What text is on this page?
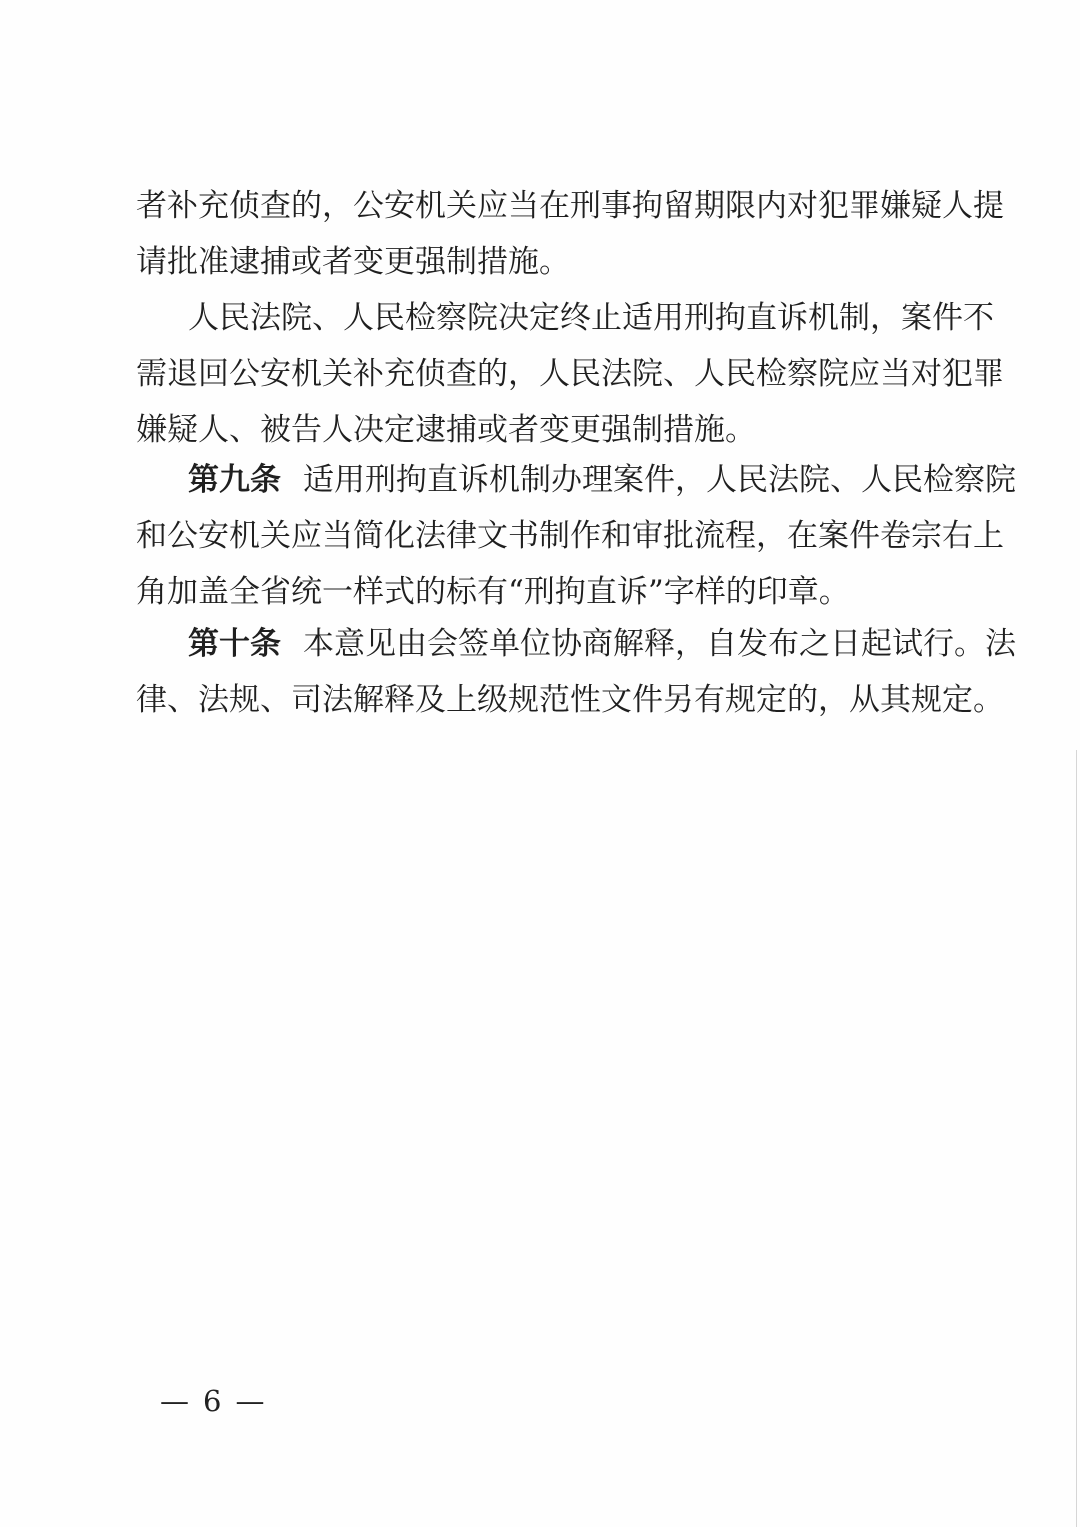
者补充侦查的，公安机关应当在刑事拘留期限内对犯罪嫌疑人提
请批准逮捕或者变更强制措施。
人民法院、人民检察院决定终止适用刑拘直诉机制，案件不
需退回公安机关补充侦查的，人民法院、人民检察院应当对犯罪
嫌疑人、被告人决定逮捕或者变更强制措施。
第九条 适用刑拘直诉机制办理案件，人民法院、人民检察院
和公安机关应当简化法律文书制作和审批流程，在案件卷宗右上
角加盖全省统一样式的标有“刑拘直诉”字样的印章。
第十条 本意见由会签单位协商解释，自发布之日起试行。法
律、法规、司法解释及上级规范性文件另有规定的，从其规定。
— 6 —
